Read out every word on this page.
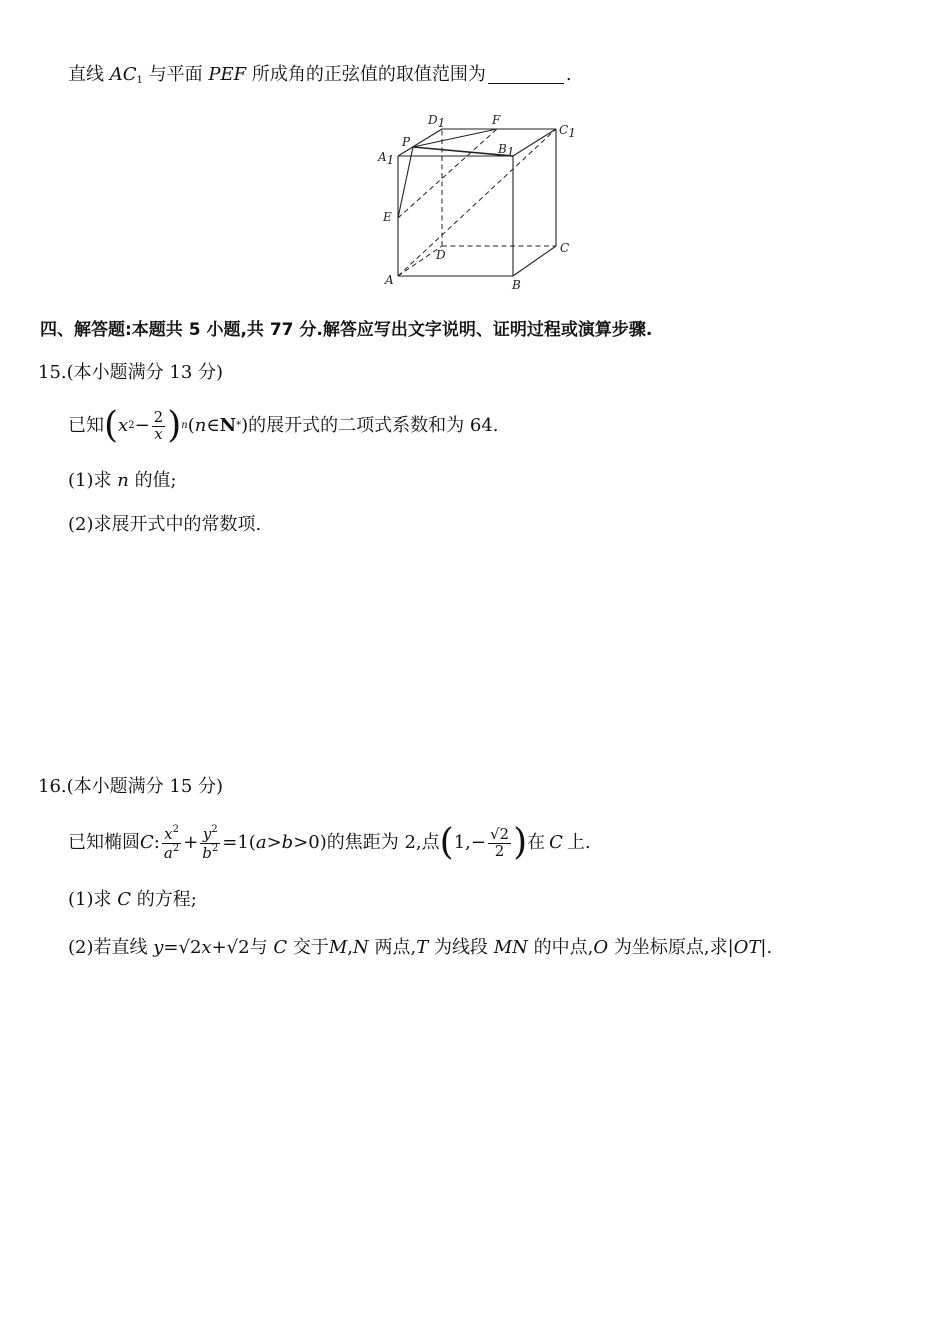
直线 $AC_1$ 与平面 PEF 所成角的正弦值的取值范围为	.
D1	F
C1
P	B1
A1
E
D	C
A	B
四、解答题:本题共 5 小题,共 77 分.解答应写出文字说明、证明过程或演算步骤.
15.(本小题满分 13 分)
已知 ( x $2 - \frac{2}{x}$ ) n ( n ∈ N * ) 的展开式的二项式系数和为 64.
(1)求 n 的值;
(2)求展开式中的常数项.
16.(本小题满分 15 分)
已知椭圆 C : $\frac{x^2}{a^2} + \frac{y^2}{b^2} =1$( a > b >0) 的焦距为 2,点 ( $1,- \frac{√2}{2}$ ) 在 C 上.
(1)求 C 的方程;
(2)若直线 y=√2x+√2与 C 交于M,N 两点,T 为线段 MN 的中点,O 为坐标原点,求|OT|.
